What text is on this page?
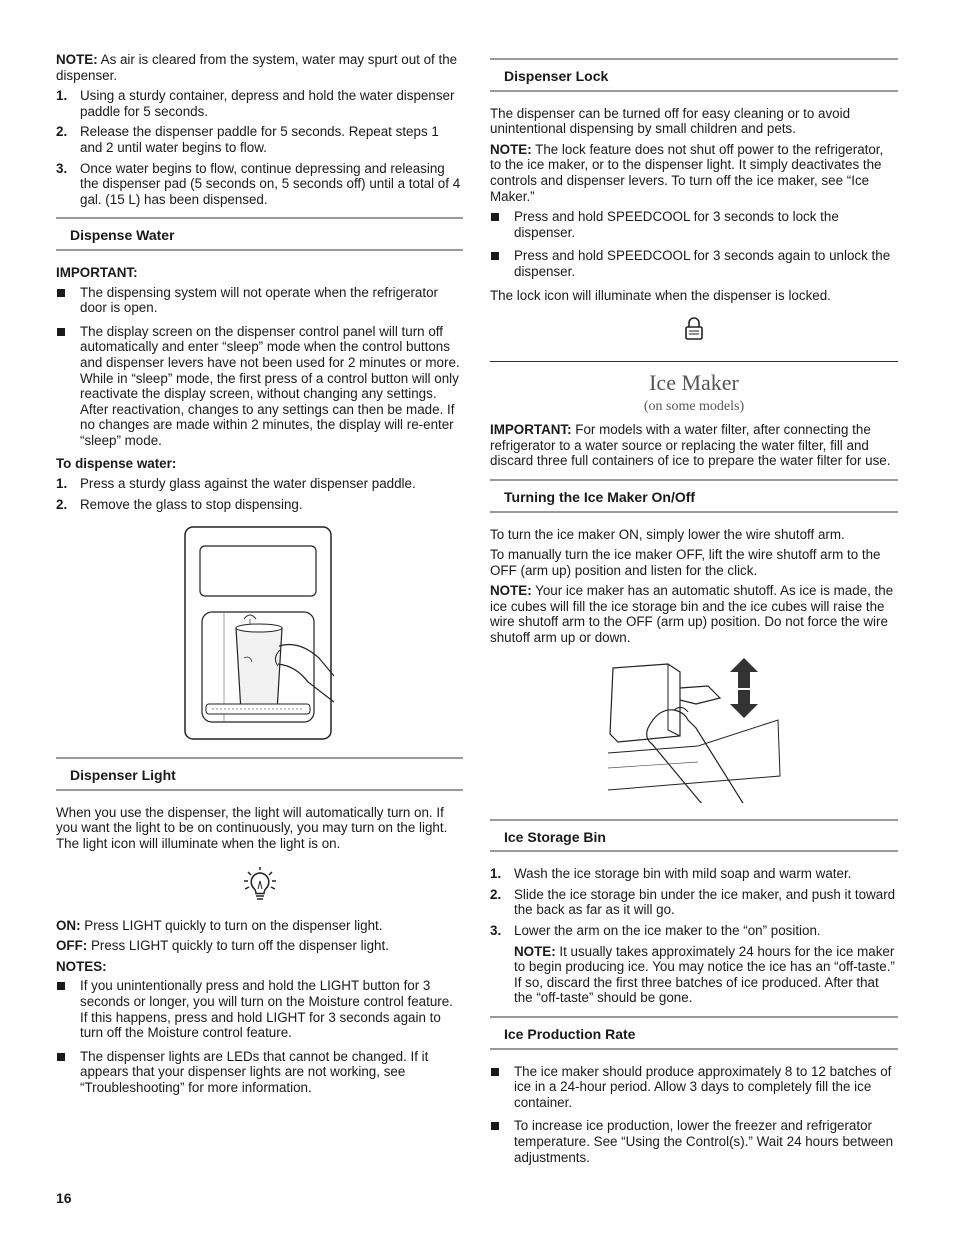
NOTE: As air is cleared from the system, water may spurt out of the dispenser.

1. Using a sturdy container, depress and hold the water dispenser paddle for 5 seconds.
2. Release the dispenser paddle for 5 seconds. Repeat steps 1 and 2 until water begins to flow.
3. Once water begins to flow, continue depressing and releasing the dispenser pad (5 seconds on, 5 seconds off) until a total of 4 gal. (15 L) has been dispensed.
Dispense Water
IMPORTANT:
The dispensing system will not operate when the refrigerator door is open.
The display screen on the dispenser control panel will turn off automatically and enter “sleep” mode when the control buttons and dispenser levers have not been used for 2 minutes or more. While in “sleep” mode, the first press of a control button will only reactivate the display screen, without changing any settings. After reactivation, changes to any settings can then be made. If no changes are made within 2 minutes, the display will re-enter “sleep” mode.
To dispense water:
1. Press a sturdy glass against the water dispenser paddle.
2. Remove the glass to stop dispensing.
Dispenser Light

When you use the dispenser, the light will automatically turn on. If you want the light to be on continuously, you may turn on the light. The light icon will illuminate when the light is on.

ON: Press LIGHT quickly to turn on the dispenser light.

OFF: Press LIGHT quickly to turn off the dispenser light.

NOTES:
If you unintentionally press and hold the LIGHT button for 3 seconds or longer, you will turn on the Moisture control feature. If this happens, press and hold LIGHT for 3 seconds again to turn off the Moisture control feature.
The dispenser lights are LEDs that cannot be changed. If it appears that your dispenser lights are not working, see “Troubleshooting” for more information.
Dispenser Lock

The dispenser can be turned off for easy cleaning or to avoid unintentional dispensing by small children and pets.

NOTE: The lock feature does not shut off power to the refrigerator, to the ice maker, or to the dispenser light. It simply deactivates the controls and dispenser levers. To turn off the ice maker, see “Ice Maker.”

Press and hold SPEEDCOOL for 3 seconds to lock the dispenser.
Press and hold SPEEDCOOL for 3 seconds again to unlock the dispenser.

The lock icon will illuminate when the dispenser is locked.

Ice Maker
(on some models)

IMPORTANT: For models with a water filter, after connecting the refrigerator to a water source or replacing the water filter, fill and discard three full containers of ice to prepare the water filter for use.

Turning the Ice Maker On/Off

To turn the ice maker ON, simply lower the wire shutoff arm.

To manually turn the ice maker OFF, lift the wire shutoff arm to the OFF (arm up) position and listen for the click.

NOTE: Your ice maker has an automatic shutoff. As ice is made, the ice cubes will fill the ice storage bin and the ice cubes will raise the wire shutoff arm to the OFF (arm up) position. Do not force the wire shutoff arm up or down.

Ice Storage Bin
1. Wash the ice storage bin with mild soap and warm water.
2. Slide the ice storage bin under the ice maker, and push it toward the back as far as it will go.
3. Lower the arm on the ice maker to the “on” position.

NOTE: It usually takes approximately 24 hours for the ice maker to begin producing ice. You may notice the ice has an “off-taste.” If so, discard the first three batches of ice produced. After that the “off-taste” should be gone.

Ice Production Rate
The ice maker should produce approximately 8 to 12 batches of ice in a 24-hour period. Allow 3 days to completely fill the ice container.
To increase ice production, lower the freezer and refrigerator temperature. See “Using the Control(s).” Wait 24 hours between adjustments.
16
